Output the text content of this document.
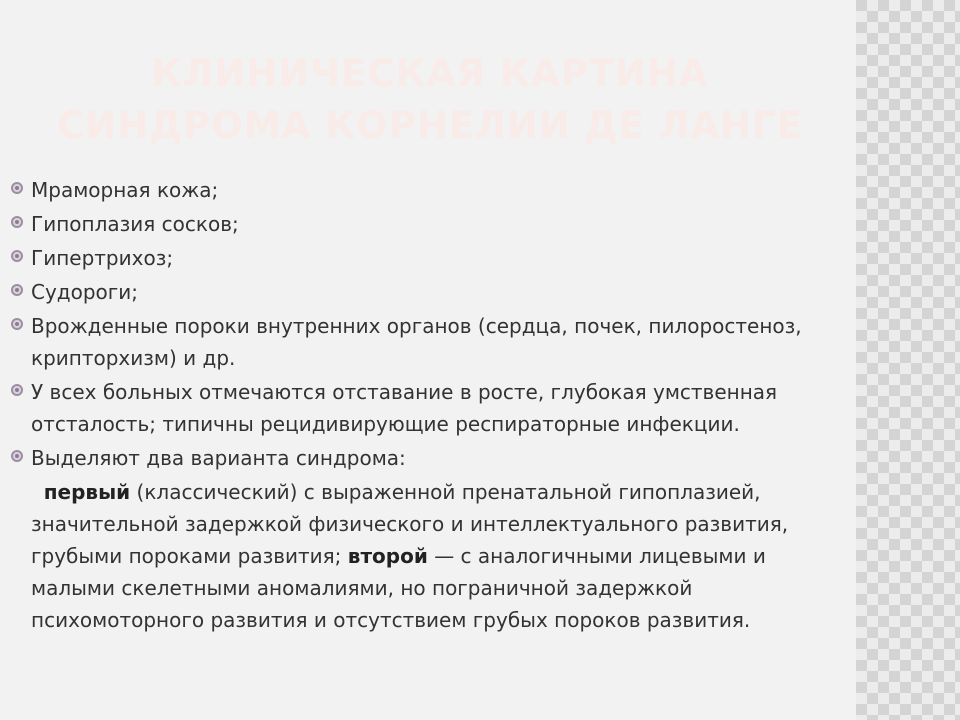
КЛИНИЧЕСКАЯ КАРТИНА
СИНДРОМА КОРНЕЛИИ ДЕ ЛАНГЕ
Мраморная кожа;
Гипоплазия сосков;
Гипертрихоз;
Судороги;
Врожденные пороки внутренних органов (сердца, почек, пилоростеноз, крипторхизм) и др.
У всех больных отмечаются отставание в росте, глубокая умственная отсталость; типичны рецидивирующие респираторные инфекции.
Выделяют два варианта синдрома:
первый (классический) с выраженной пренатальной гипоплазией, значительной задержкой физического и интеллектуального развития, грубыми пороками развития; второй — с аналогичными лицевыми и малыми скелетными аномалиями, но пограничной задержкой психомоторного развития и отсутствием грубых пороков развития.
